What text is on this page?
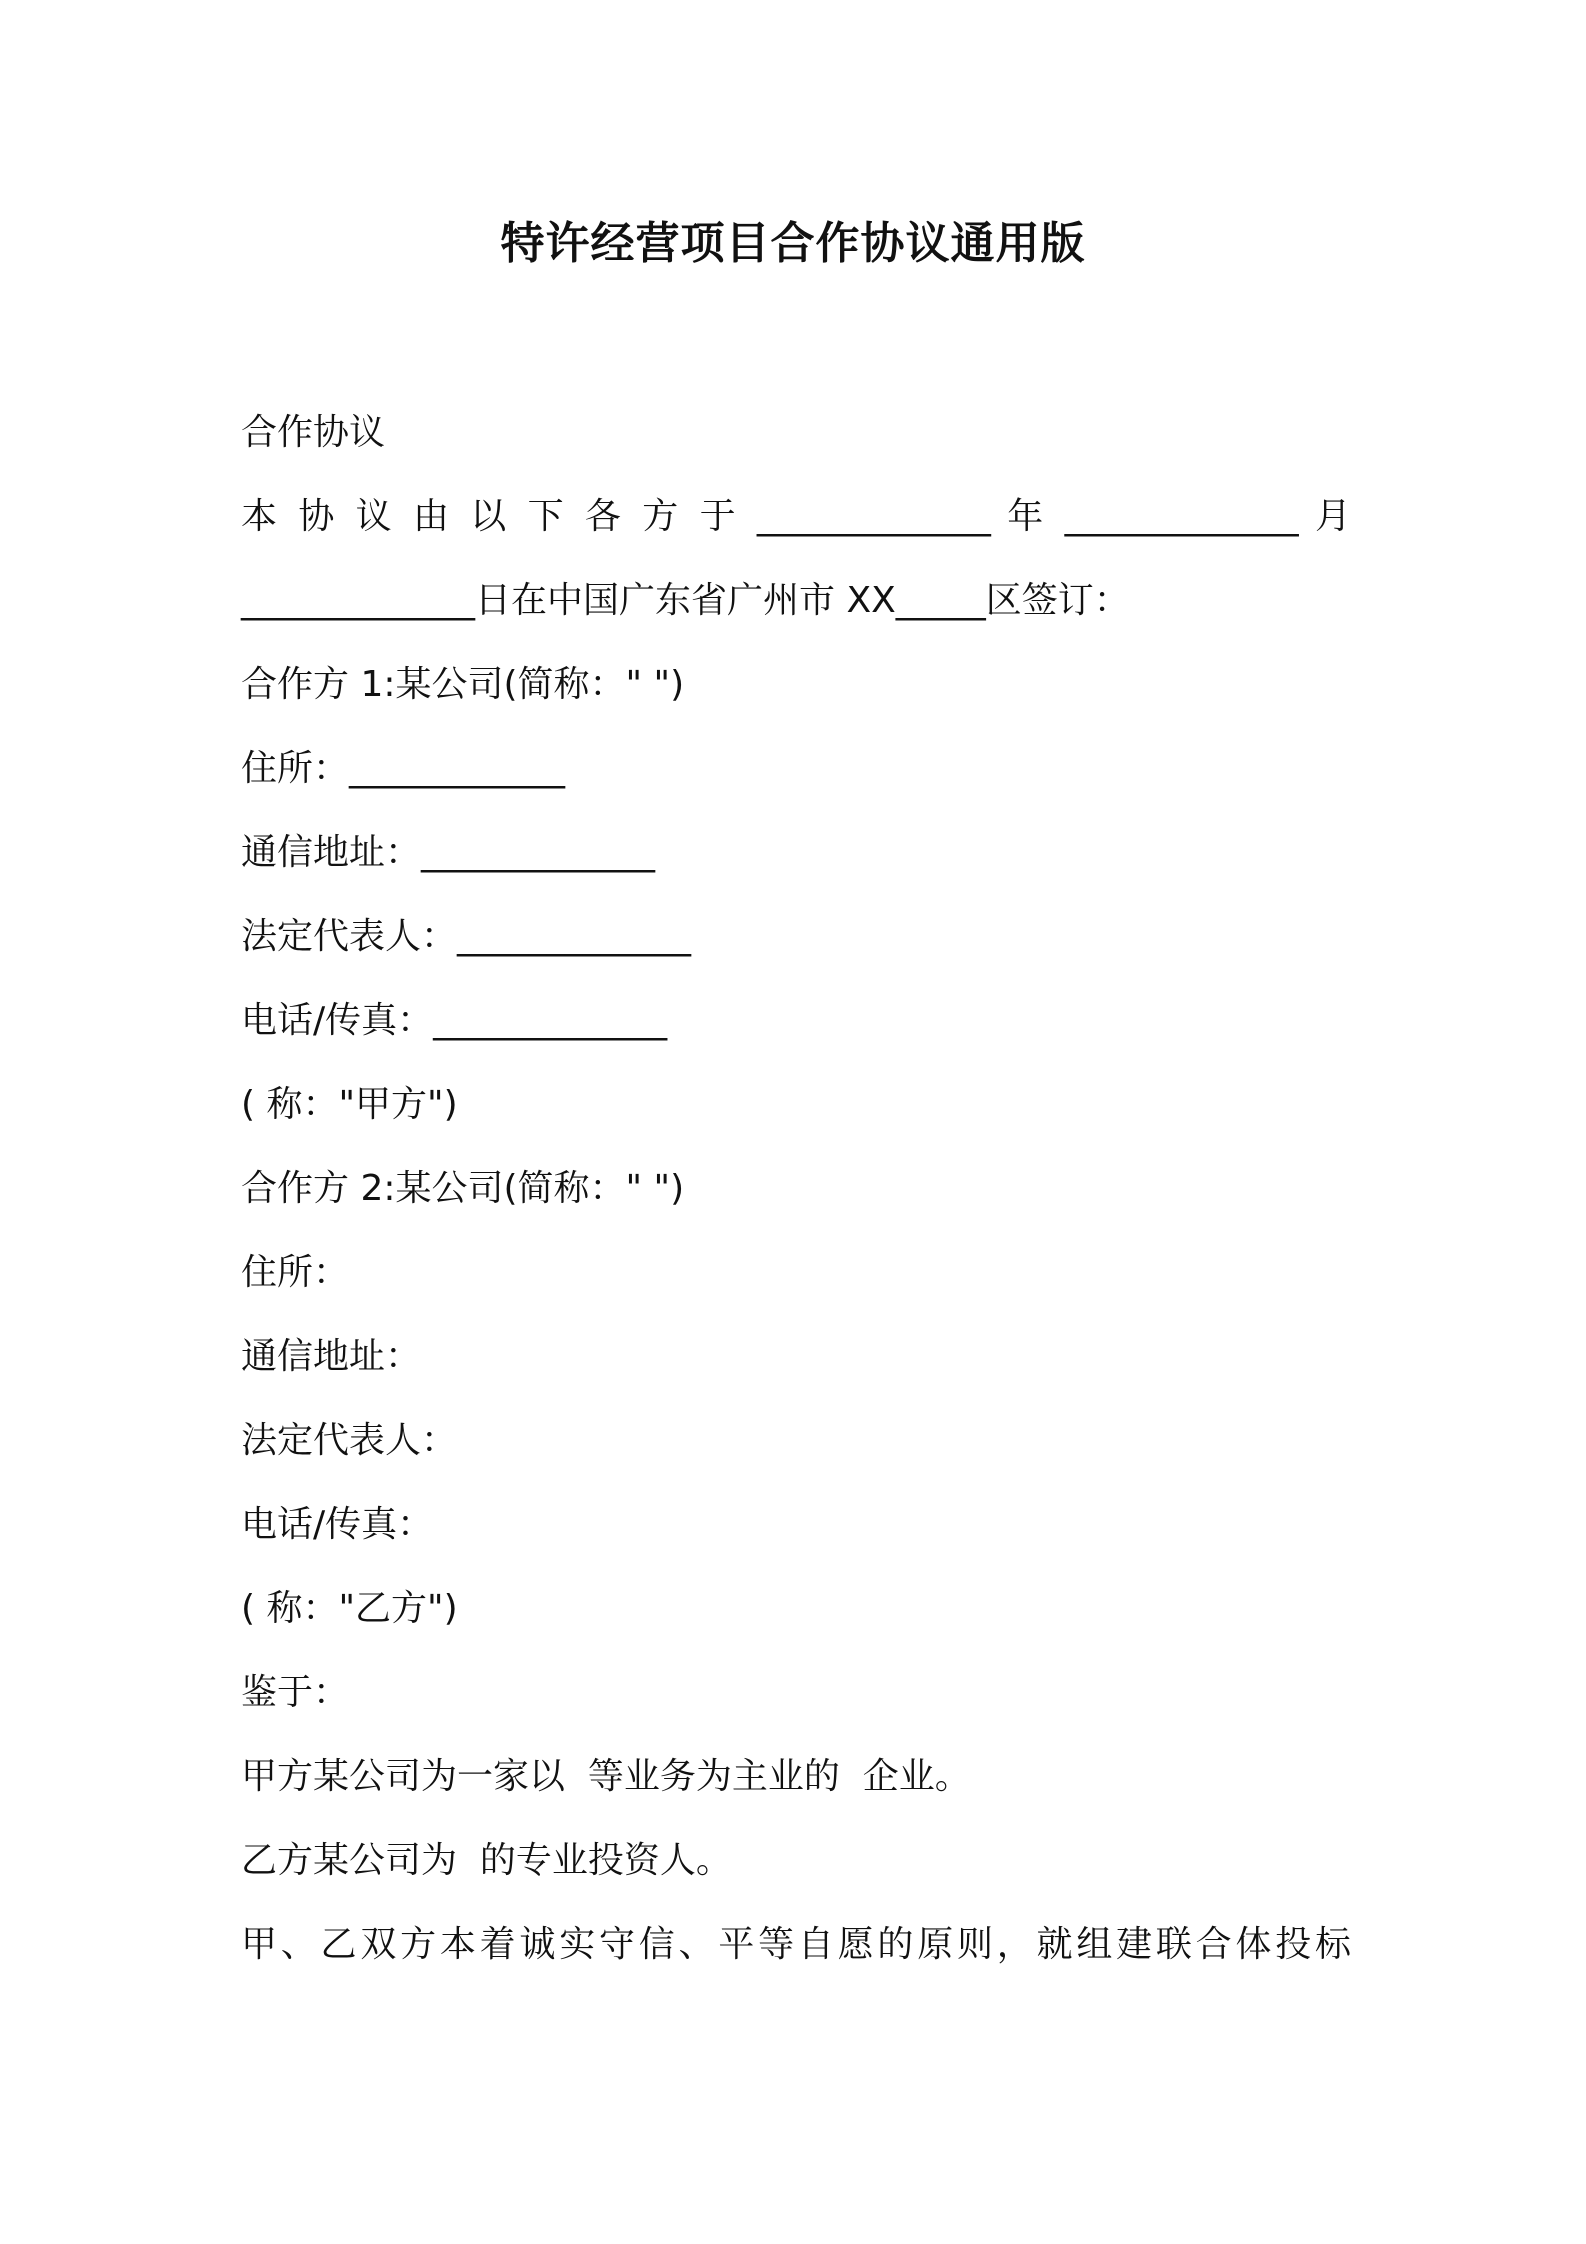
特许经营项目合作协议通用版
合作协议
本 协 议 由 以 下 各 方 于 _____________ 年 _____________ 月
_____________日在中国广东省广州市 XX_____区签订：
合作方 1:某公司(简称：" ")
住所：____________
通信地址：_____________
法定代表人：_____________
电话/传真：_____________
( 称："甲方")
合作方 2:某公司(简称：" ")
住所：
通信地址：
法定代表人：
电话/传真：
( 称："乙方")
鉴于：
甲方某公司为一家以  等业务为主业的  企业。
乙方某公司为  的专业投资人。
甲、乙双方本着诚实守信、平等自愿的原则，就组建联合体投标
